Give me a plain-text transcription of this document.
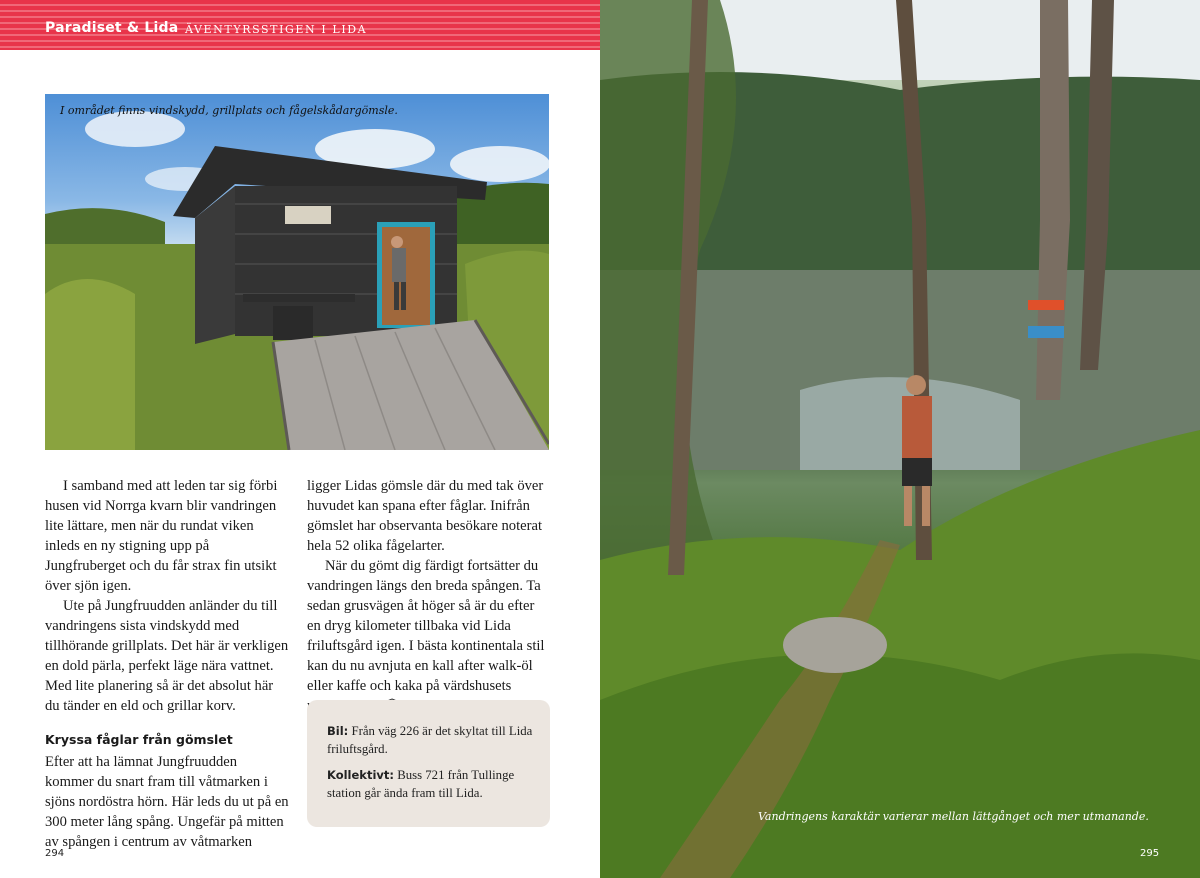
Paradiset & Lida ÄVENTYRSSTIGEN I LIDA
I området finns vindskydd, grillplats och fågelskådargömsle.

I samband med att leden tar sig förbi husen vid Norrga kvarn blir vandringen lite lättare, men när du rundat viken inleds en ny stigning upp på Jungfruberget och du får strax fin utsikt över sjön igen.

Ute på Jungfruudden anländer du till vandringens sista vindskydd med tillhörande grillplats. Det här är verkligen en dold pärla, perfekt läge nära vattnet. Med lite planering så är det absolut här du tänder en eld och grillar korv.

Kryssa fåglar från gömslet

Efter att ha lämnat Jungfruudden kommer du snart fram till våtmarken i sjöns nordöstra hörn. Här leds du ut på en 300 meter lång spång. Ungefär på mitten av spången i centrum av våtmarken

ligger Lidas gömsle där du med tak över huvudet kan spana efter fåglar. Inifrån gömslet har observanta besökare noterat hela 52 olika fågelarter.

När du gömt dig färdigt fortsätter du vandringen längs den breda spången. Ta sedan grusvägen åt höger så är du efter en dryg kilometer tillbaka vid Lida friluftsgård igen. I bästa kontinentala stil kan du nu avnjuta en kall after walk-öl eller kaffe och kaka på värdshusets

Bil: Från väg 226 är det skyltat till Lida friluftsgård.

Kollektivt: Buss 721 från Tullinge station går ända fram till Lida.

294
Vandringens karaktär varierar mellan lättgånget och mer utmanande.
295
